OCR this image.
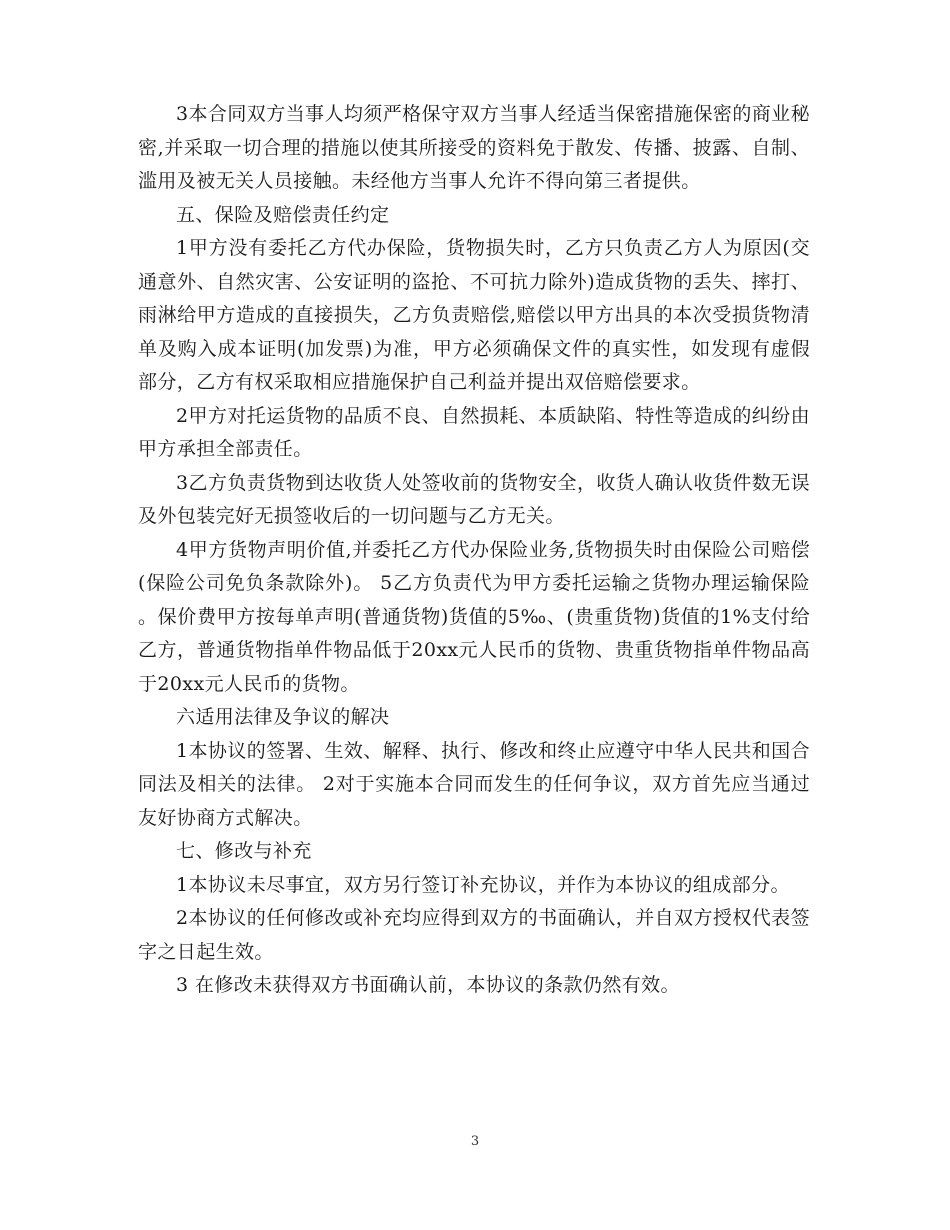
3本合同双方当事人均须严格保守双方当事人经适当保密措施保密的商业秘密,并采取一切合理的措施以使其所接受的资料免于散发、传播、披露、自制、滥用及被无关人员接触。未经他方当事人允许不得向第三者提供。

五、保险及赔偿责任约定

1甲方没有委托乙方代办保险，货物损失时，乙方只负责乙方人为原因(交通意外、自然灾害、公安证明的盗抢、不可抗力除外)造成货物的丢失、摔打、雨淋给甲方造成的直接损失，乙方负责赔偿,赔偿以甲方出具的本次受损货物清单及购入成本证明(加发票)为准，甲方必须确保文件的真实性，如发现有虚假部分，乙方有权采取相应措施保护自己利益并提出双倍赔偿要求。

2甲方对托运货物的品质不良、自然损耗、本质缺陷、特性等造成的纠纷由甲方承担全部责任。

3乙方负责货物到达收货人处签收前的货物安全，收货人确认收货件数无误及外包装完好无损签收后的一切问题与乙方无关。

4甲方货物声明价值,并委托乙方代办保险业务,货物损失时由保险公司赔偿(保险公司免负条款除外)。 5乙方负责代为甲方委托运输之货物办理运输保险。保价费甲方按每单声明(普通货物)货值的5‰、(贵重货物)货值的1%支付给乙方，普通货物指单件物品低于20xx元人民币的货物、贵重货物指单件物品高于20xx元人民币的货物。

六适用法律及争议的解决

1本协议的签署、生效、解释、执行、修改和终止应遵守中华人民共和国合同法及相关的法律。 2对于实施本合同而发生的任何争议，双方首先应当通过友好协商方式解决。

七、修改与补充

1本协议未尽事宜，双方另行签订补充协议，并作为本协议的组成部分。

2本协议的任何修改或补充均应得到双方的书面确认，并自双方授权代表签字之日起生效。

3 在修改未获得双方书面确认前，本协议的条款仍然有效。

3
